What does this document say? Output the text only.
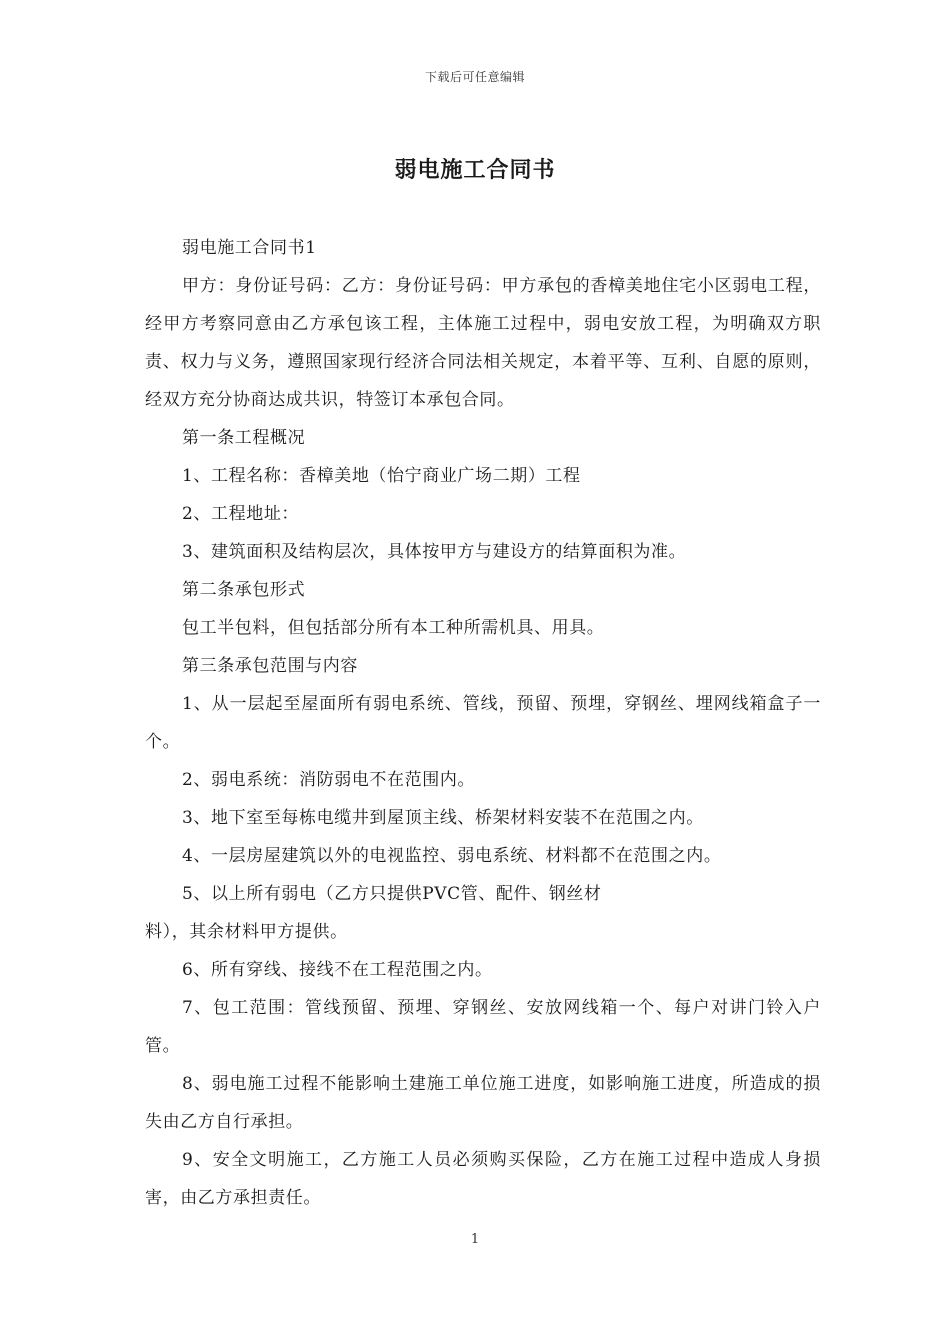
下载后可任意编辑
弱电施工合同书

弱电施工合同书1

甲方：身份证号码：乙方：身份证号码：甲方承包的香樟美地住宅小区弱电工程，经甲方考察同意由乙方承包该工程，主体施工过程中，弱电安放工程，为明确双方职责、权力与义务，遵照国家现行经济合同法相关规定，本着平等、互利、自愿的原则，经双方充分协商达成共识，特签订本承包合同。

第一条工程概况

1、工程名称：香樟美地（怡宁商业广场二期）工程

2、工程地址：

3、建筑面积及结构层次，具体按甲方与建设方的结算面积为准。

第二条承包形式

包工半包料，但包括部分所有本工种所需机具、用具。

第三条承包范围与内容

1、从一层起至屋面所有弱电系统、管线，预留、预埋，穿钢丝、埋网线箱盒子一个。

2、弱电系统：消防弱电不在范围内。

3、地下室至每栋电缆井到屋顶主线、桥架材料安装不在范围之内。

4、一层房屋建筑以外的电视监控、弱电系统、材料都不在范围之内。

5、以上所有弱电（乙方只提供PVC管、配件、钢丝材

料），其余材料甲方提供。

6、所有穿线、接线不在工程范围之内。

7、包工范围：管线预留、预埋、穿钢丝、安放网线箱一个、每户对讲门铃入户管。

8、弱电施工过程不能影响土建施工单位施工进度，如影响施工进度，所造成的损失由乙方自行承担。

9、安全文明施工，乙方施工人员必须购买保险，乙方在施工过程中造成人身损害，由乙方承担责任。

1
